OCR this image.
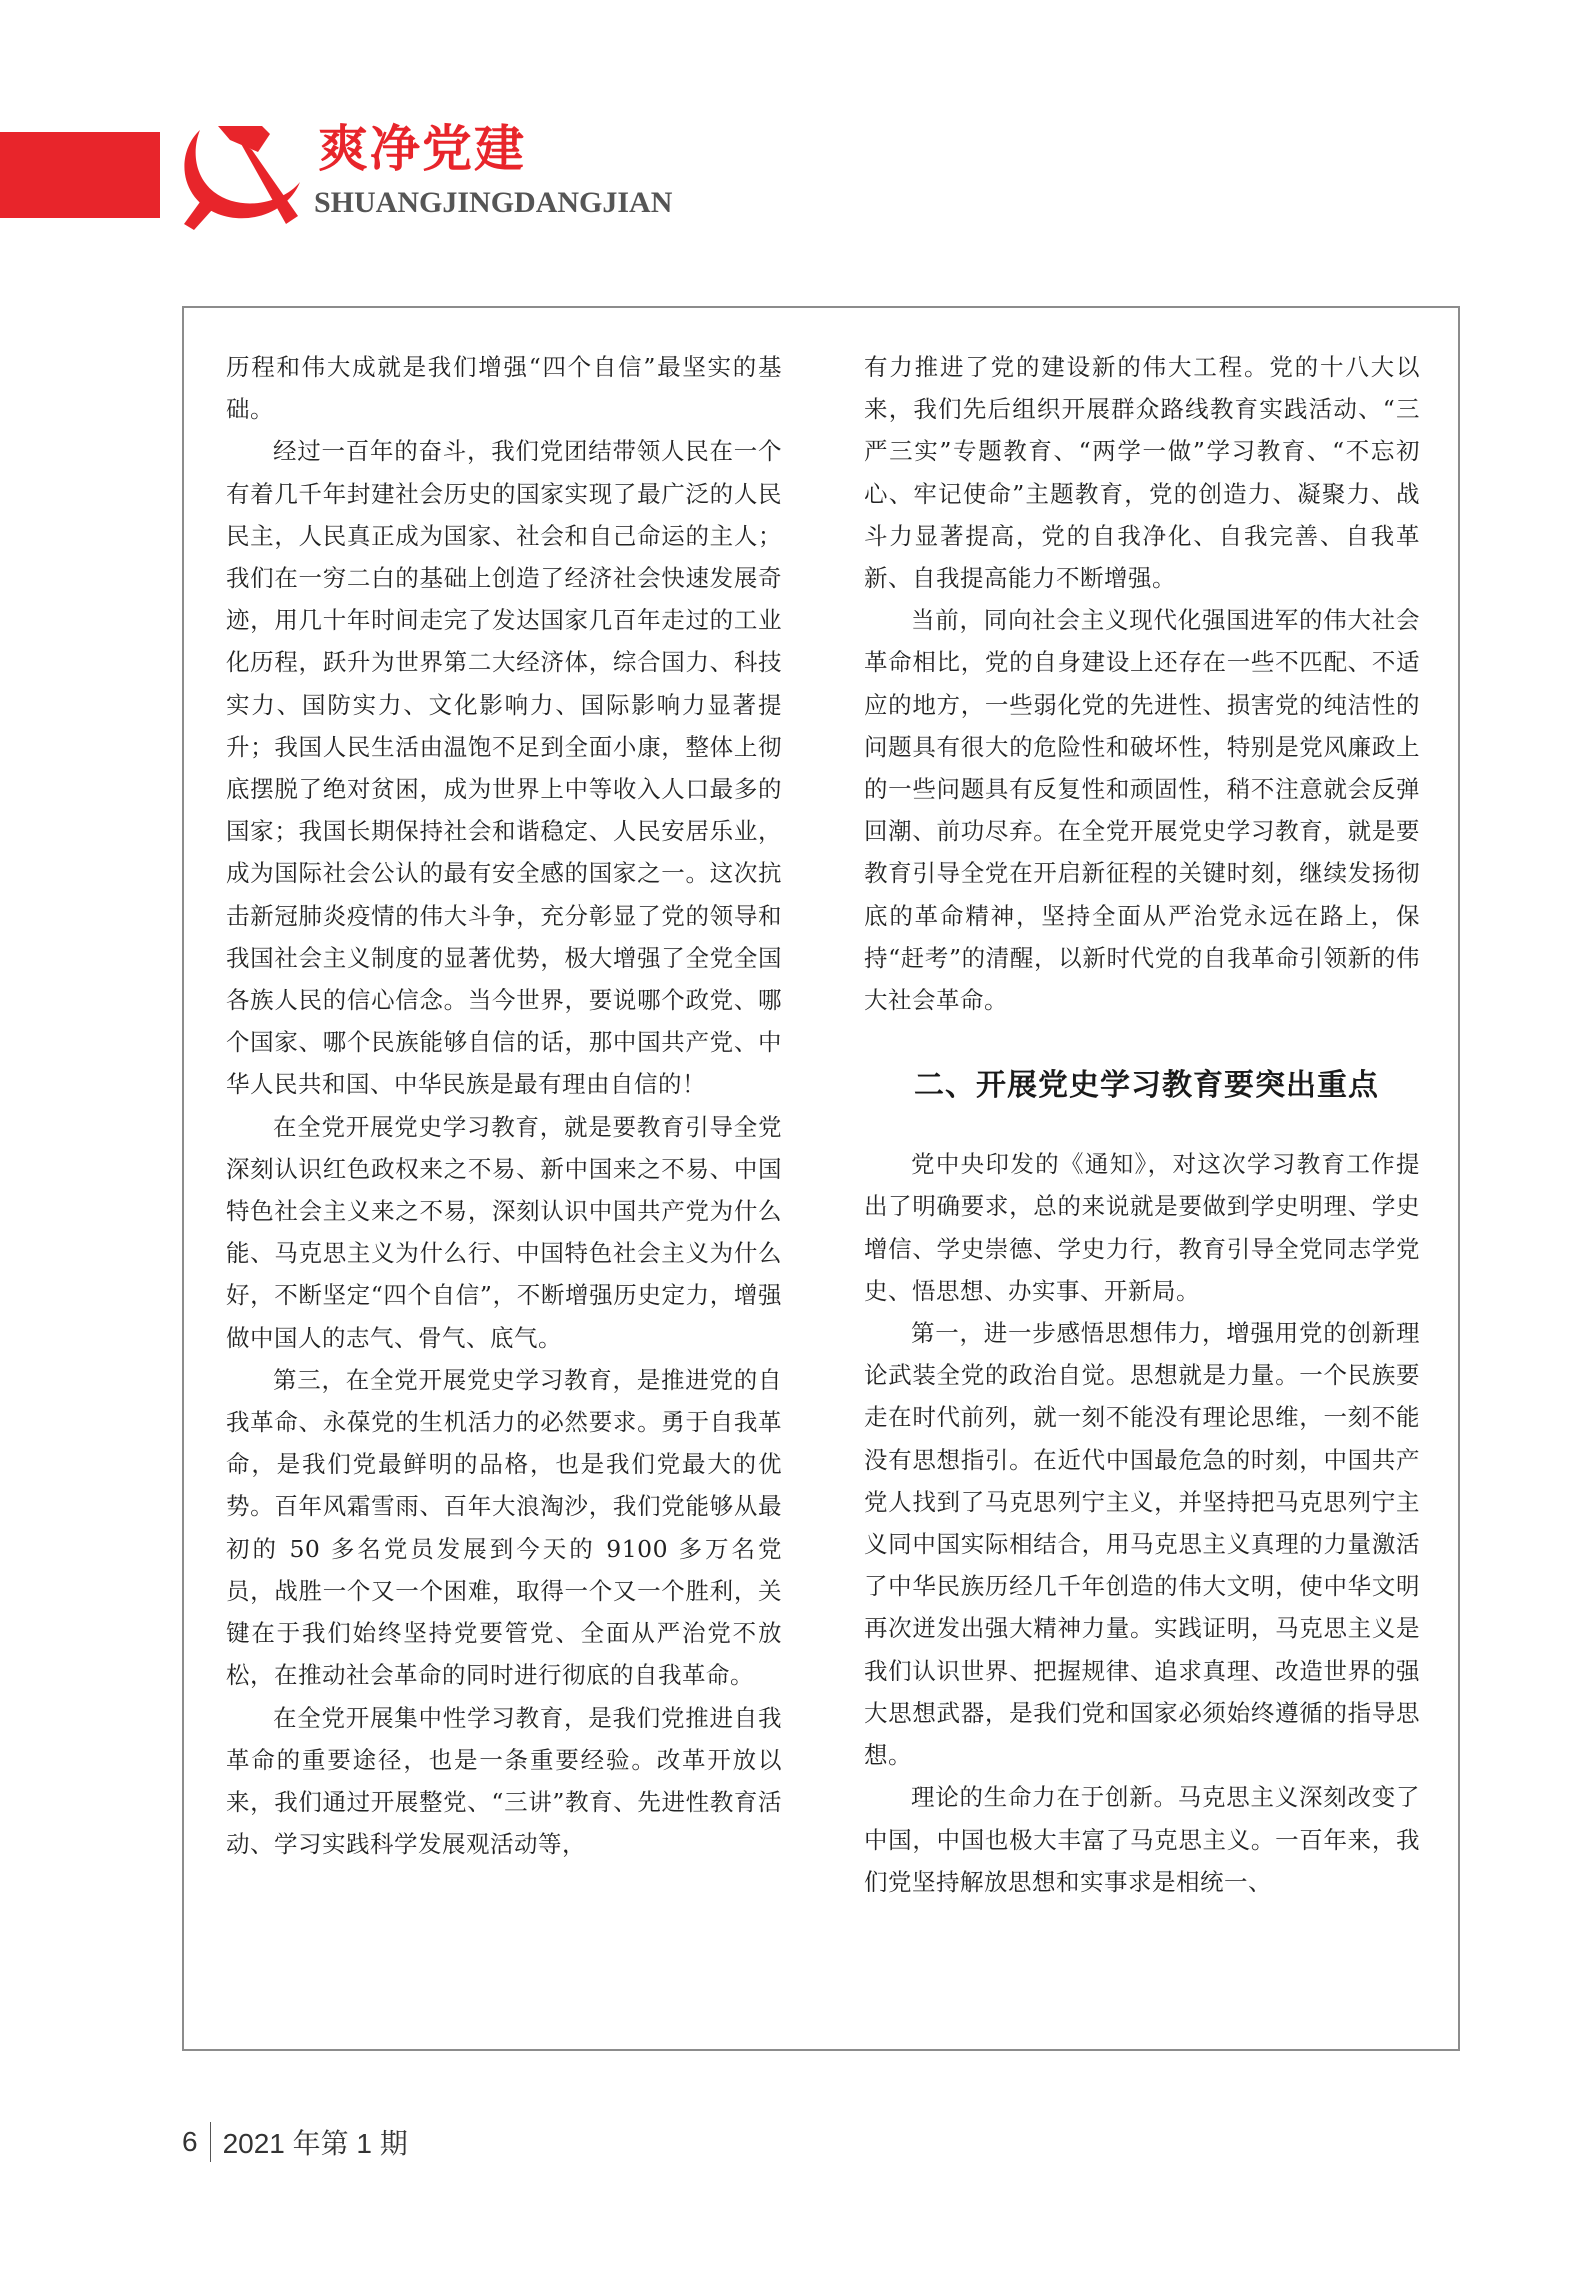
爽净党建
SHUANGJINGDANGJIAN

历程和伟大成就是我们增强“四个自信”最坚实的基础。

经过一百年的奋斗，我们党团结带领人民在一个有着几千年封建社会历史的国家实现了最广泛的人民民主，人民真正成为国家、社会和自己命运的主人；我们在一穷二白的基础上创造了经济社会快速发展奇迹，用几十年时间走完了发达国家几百年走过的工业化历程，跃升为世界第二大经济体，综合国力、科技实力、国防实力、文化影响力、国际影响力显著提升；我国人民生活由温饱不足到全面小康，整体上彻底摆脱了绝对贫困，成为世界上中等收入人口最多的国家；我国长期保持社会和谐稳定、人民安居乐业，成为国际社会公认的最有安全感的国家之一。这次抗击新冠肺炎疫情的伟大斗争，充分彰显了党的领导和我国社会主义制度的显著优势，极大增强了全党全国各族人民的信心信念。当今世界，要说哪个政党、哪个国家、哪个民族能够自信的话，那中国共产党、中华人民共和国、中华民族是最有理由自信的！

在全党开展党史学习教育，就是要教育引导全党深刻认识红色政权来之不易、新中国来之不易、中国特色社会主义来之不易，深刻认识中国共产党为什么能、马克思主义为什么行、中国特色社会主义为什么好，不断坚定“四个自信”，不断增强历史定力，增强做中国人的志气、骨气、底气。

第三，在全党开展党史学习教育，是推进党的自我革命、永葆党的生机活力的必然要求。勇于自我革命，是我们党最鲜明的品格，也是我们党最大的优势。百年风霜雪雨、百年大浪淘沙，我们党能够从最初的 50 多名党员发展到今天的 9100 多万名党员，战胜一个又一个困难，取得一个又一个胜利，关键在于我们始终坚持党要管党、全面从严治党不放松，在推动社会革命的同时进行彻底的自我革命。

在全党开展集中性学习教育，是我们党推进自我革命的重要途径，也是一条重要经验。改革开放以来，我们通过开展整党、“三讲”教育、先进性教育活动、学习实践科学发展观活动等，

有力推进了党的建设新的伟大工程。党的十八大以来，我们先后组织开展群众路线教育实践活动、“三严三实”专题教育、“两学一做”学习教育、“不忘初心、牢记使命”主题教育，党的创造力、凝聚力、战斗力显著提高，党的自我净化、自我完善、自我革新、自我提高能力不断增强。

当前，同向社会主义现代化强国进军的伟大社会革命相比，党的自身建设上还存在一些不匹配、不适应的地方，一些弱化党的先进性、损害党的纯洁性的问题具有很大的危险性和破坏性，特别是党风廉政上的一些问题具有反复性和顽固性，稍不注意就会反弹回潮、前功尽弃。在全党开展党史学习教育，就是要教育引导全党在开启新征程的关键时刻，继续发扬彻底的革命精神，坚持全面从严治党永远在路上，保持“赶考”的清醒，以新时代党的自我革命引领新的伟大社会革命。

二、开展党史学习教育要突出重点

党中央印发的《通知》，对这次学习教育工作提出了明确要求，总的来说就是要做到学史明理、学史增信、学史崇德、学史力行，教育引导全党同志学党史、悟思想、办实事、开新局。

第一，进一步感悟思想伟力，增强用党的创新理论武装全党的政治自觉。思想就是力量。一个民族要走在时代前列，就一刻不能没有理论思维，一刻不能没有思想指引。在近代中国最危急的时刻，中国共产党人找到了马克思列宁主义，并坚持把马克思列宁主义同中国实际相结合，用马克思主义真理的力量激活了中华民族历经几千年创造的伟大文明，使中华文明再次迸发出强大精神力量。实践证明，马克思主义是我们认识世界、把握规律、追求真理、改造世界的强大思想武器，是我们党和国家必须始终遵循的指导思想。

理论的生命力在于创新。马克思主义深刻改变了中国，中国也极大丰富了马克思主义。一百年来，我们党坚持解放思想和实事求是相统一、

6 2021 年第 1 期
